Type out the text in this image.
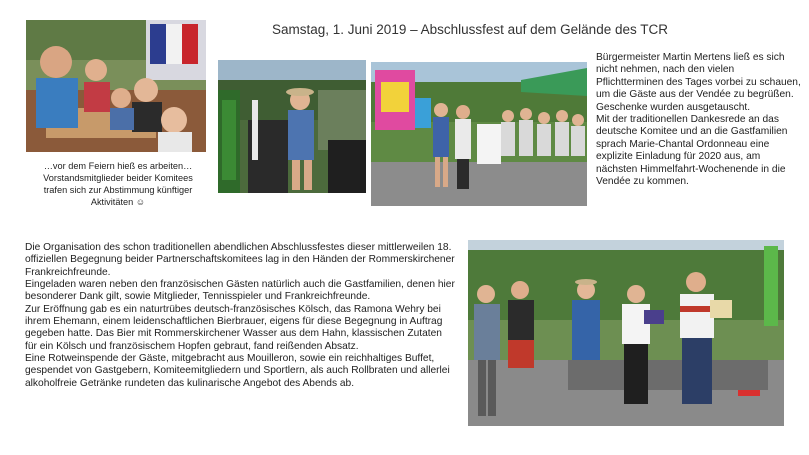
Samstag, 1. Juni 2019 – Abschlussfest auf dem Gelände des TCR
…vor dem Feiern hieß es arbeiten…
Vorstandsmitglieder beider Komitees
trafen sich zur Abstimmung künftiger
Aktivitäten ☺
Bürgermeister Martin Mertens ließ es sich nicht nehmen, nach den vielen Pflichtterminen des Tages vorbei zu schauen, um die Gäste aus der Vendée zu begrüßen. Geschenke wurden ausgetauscht.
Mit der traditionellen Dankesrede an das deutsche Komitee und an die Gastfamilien sprach Marie-Chantal Ordonneau eine explizite Einladung für 2020 aus, am nächsten Himmelfahrt-Wochenende in die Vendée zu kommen.
Die Organisation des schon traditionellen abendlichen Abschlussfestes dieser mittlerweilen 18. offiziellen Begegnung beider Partnerschaftskomitees lag in den Händen der Rommerskirchener Frankreichfreunde.
Eingeladen waren neben den französischen Gästen natürlich auch die Gastfamilien, denen hier besonderer Dank gilt, sowie Mitglieder, Tennisspieler und Frankreichfreunde.
Zur Eröffnung gab es ein naturtrübes deutsch-französisches Kölsch, das Ramona Wehry bei ihrem Ehemann, einem leidenschaftlichen Bierbrauer, eigens für diese Begegnung in Auftrag gegeben hatte. Das Bier mit Rommerskirchener Wasser aus dem Hahn, klassischen Zutaten für ein Kölsch und französischem Hopfen gebraut, fand reißenden Absatz.
Eine Rotweinspende der Gäste, mitgebracht aus Mouilleron, sowie ein reichhaltiges Buffet, gespendet von Gastgebern, Komiteemitgliedern und Sportlern, als auch Rollbraten und allerlei alkoholfreie Getränke rundeten das kulinarische Angebot des Abends ab.
